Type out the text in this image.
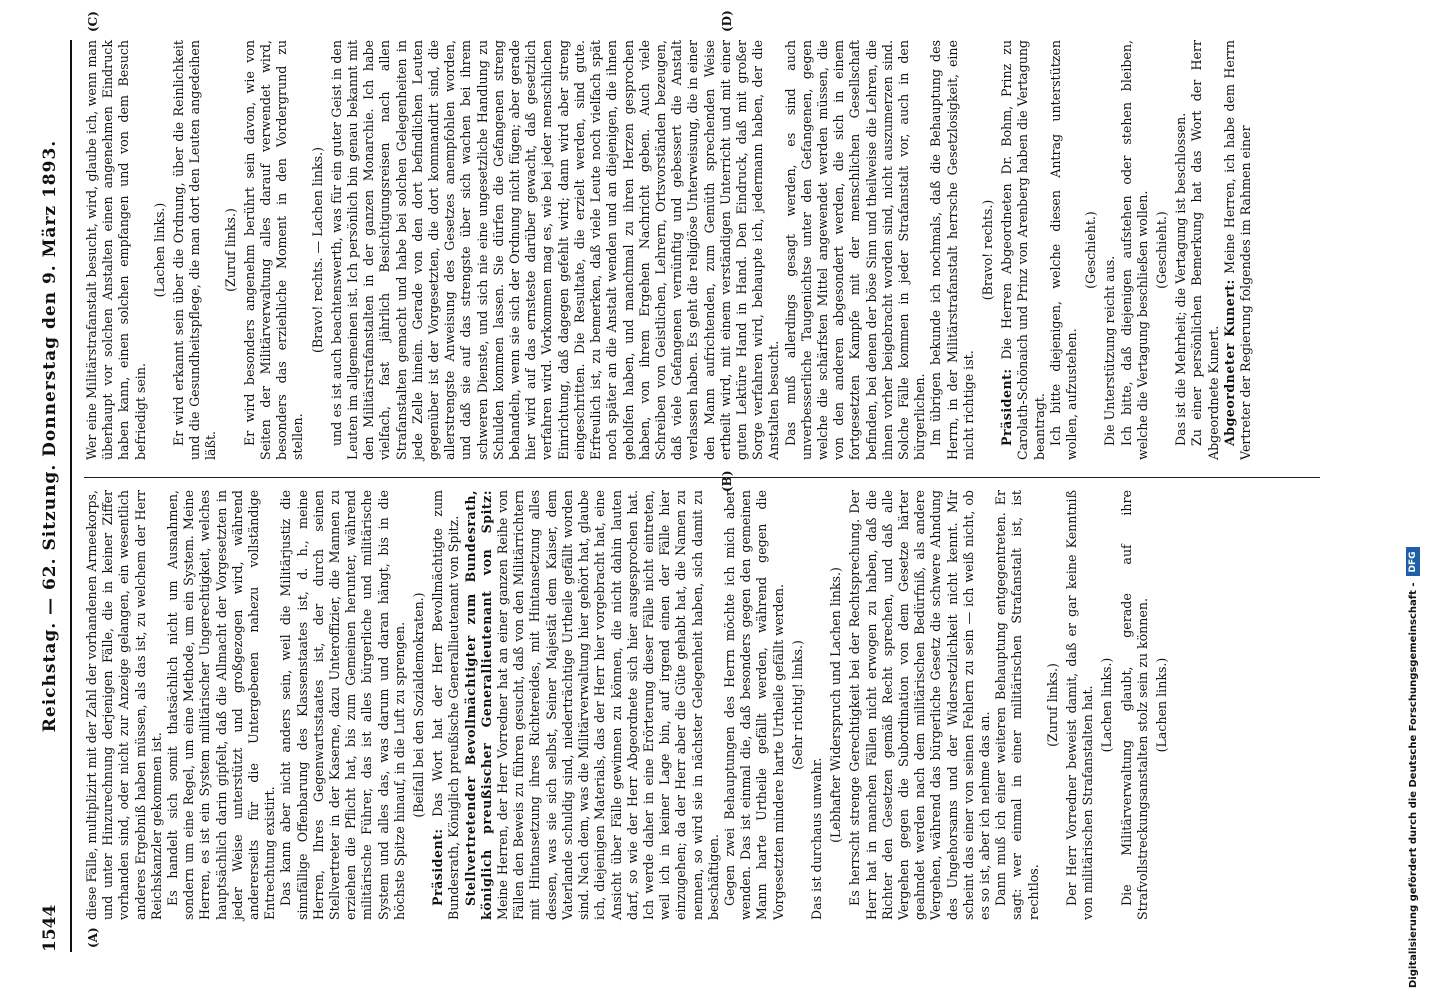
1544
Reichstag. — 62. Sitzung. Donnerstag den 9. März 1893.
(A)
(B)
(C)	(D)

diese Fälle, multiplizirt mit der Zahl der vorhandenen Armeekorps, und unter Hinzurechnung derjenigen Fälle, die in keiner Ziffer vorhanden sind, oder nicht zur Anzeige gelangen, ein wesentlich anderes Ergebniß haben müssen, als das ist, zu welchem der Herr Reichskanzler gekommen ist. Es handelt sich somit thatsächlich nicht um Ausnahmen, sondern um eine Regel, um eine Methode, um ein System. Meine Herren, es ist ein System militärischer Ungerechtigkeit, welches hauptsächlich darin gipfelt, daß die Allmacht der Vorgesetzten in jeder Weise unterstützt und großgezogen wird, während andererseits für die Untergebenen nahezu vollständige Entrechtung existirt. Das kann aber nicht anders sein, weil die Militärjustiz die sinnfällige Offenbarung des Klassenstaates ist, d. h., meine Herren, Ihres Gegenwartsstaates ist, der durch seinen Stellvertreter in der Kaserne, dazu Unteroffizier, die Mannen zu erziehen die Pflicht hat, bis zum Gemeinen herunter, während militärische Führer, das ist alles bürgerliche und militärische System und alles das, was darum und daran hängt, bis in die höchste Spitze hinauf, in die Luft zu sprengen. (Beifall bei den Sozialdemokraten.)

Präsident: Das Wort hat der Herr Bevollmächtigte zum Bundesrath, Königlich preußische Generallieutenant von Spitz. Stellvertretender Bevollmächtigter zum Bundesrath, königlich preußischer Generallieutenant von Spitz: Meine Herren, der Herr Vorredner hat an einer ganzen Reihe von Fällen den Beweis zu führen gesucht, daß von den Militärrichtern mit Hintansetzung ihres Richtereides, mit Hintansetzung alles dessen, was sie sich selbst, Seiner Majestät dem Kaiser, dem Vaterlande schuldig sind, niederträchtige Urtheile gefällt worden sind. Nach dem, was die Militärverwaltung hier gehört hat, glaube ich, diejenigen Materials, das der Herr hier vorgebracht hat, eine Ansicht über Fälle gewinnen zu können, die nicht dahin lauten darf, so wie der Herr Abgeordnete sich hier ausgesprochen hat. Ich werde daher in eine Erörterung dieser Fälle nicht eintreten, weil ich in keiner Lage bin, auf irgend einen der Fälle hier einzugehen; da der Herr aber die Güte gehabt hat, die Namen zu nennen, so wird sie in nächster Gelegenheit haben, sich damit zu beschäftigen. Gegen zwei Behauptungen des Herrn möchte ich mich aber wenden. Das ist einmal die, daß besonders gegen den gemeinen Mann harte Urtheile gefällt werden, während gegen die Vorgesetzten mindere harte Urtheile gefällt werden. (Sehr richtig! links.)

Das ist durchaus unwahr. (Lebhafter Widerspruch und Lachen links.) Es herrscht strenge Gerechtigkeit bei der Rechtsprechung. Der Herr hat in manchen Fällen nicht erwogen zu haben, daß die Richter den Gesetzen gemäß Recht sprechen, und daß alle Vergehen gegen die Subordination von dem Gesetze härter geahndet werden nach dem militärischen Bedürfniß, als andere Vergehen, während das bürgerliche Gesetz die schwere Ahndung des Ungehorsams und der Widersetzlichkeit nicht kennt. Mir scheint das einer von seinen Fehlern zu sein — ich weiß nicht, ob es so ist, aber ich nehme das an. Dann muß ich einer weiteren Behauptung entgegentreten. Er sagt: wer einmal in einer militärischen Strafanstalt ist, ist rechtlos.

(Zuruf links.) Der Herr Vorredner beweist damit, daß er gar keine Kenntniß von militärischen Strafanstalten hat. (Lachen links.) Die Militärverwaltung glaubt, gerade auf ihre Strafvollstreckungsanstalten stolz sein zu können. (Lachen links.)

Wer eine Militärstrafanstalt besucht, wird, glaube ich, wenn man überhaupt vor solchen Anstalten einen angenehmen Eindruck haben kann, einen solchen empfangen und von dem Besuch befriedigt sein.

(Lachen links.) Er wird erkannt sein über die Ordnung, über die Reinlichkeit und die Gesundheitspflege, die man dort den Leuten angedeihen läßt.

(Zuruf links.) Er wird besonders angenehm berührt sein davon, wie von Seiten der Militärverwaltung alles darauf verwendet wird, besonders das erziehliche Moment in den Vordergrund zu stellen.

(Bravo! rechts. — Lachen links.) und es ist auch beachtenswerth, was für ein guter Geist in den Leuten im allgemeinen ist. Ich persönlich bin genau bekannt mit den Militärstrafanstalten in der ganzen Monarchie. Ich habe vielfach, fast jährlich Besichtigungsreisen nach allen Strafanstalten gemacht und habe bei solchen Gelegenheiten in jede Zelle hinein. Gerade von den dort befindlichen Leuten gegenüber ist der Vorgesetzten, die dort kommandirt sind, die allerstrengste Anweisung des Gesetzes anempfohlen worden, und daß sie auf das strengste über sich wachen bei ihrem schweren Dienste, und sich nie eine ungesetzliche Handlung zu Schulden kommen lassen. Sie dürfen die Gefangenen streng behandeln, wenn sie sich der Ordnung nicht fügen; aber gerade hier wird auf das ernsteste darüber gewacht, daß gesetzlich verfahren wird. Vorkommen mag es, wie bei jeder menschlichen Einrichtung, daß dagegen gefehlt wird; dann wird aber streng eingeschritten. Die Resultate, die erzielt werden, sind gute. Erfreulich ist, zu bemerken, daß viele Leute noch vielfach spät noch später an die Anstalt wenden und an diejenigen, die ihnen geholfen haben, und manchmal zu ihren Herzen gesprochen haben, von ihrem Ergehen Nachricht geben. Auch viele Schreiben von Geistlichen, Lehrern, Ortsvorständen bezeugen, daß viele Gefangenen vernünftig und gebessert die Anstalt verlassen haben. Es geht die religiöse Unterweisung, die in einer den Mann aufrichtenden, zum Gemüth sprechenden Weise ertheilt wird, mit einem verständigen Unterricht und mit einer guten Lektüre Hand in Hand. Den Eindruck, daß mit großer Sorge verfahren wird, behaupte ich, jedermann haben, der die Anstalten besucht. Das muß allerdings gesagt werden, es sind auch unverbesserliche Taugenichtse unter den Gefangenen, gegen welche die schärfsten Mittel angewendet werden müssen, die von den anderen abgesondert werden, die sich in einem fortgesetzten Kampfe mit der menschlichen Gesellschaft befinden, bei denen der böse Sinn und theilweise die Lehren, die ihnen vorher beigebracht worden sind, nicht auszumerzen sind. Solche Fälle kommen in jeder Strafanstalt vor, auch in den bürgerlichen. Im übrigen bekunde ich nochmals, daß die Behauptung des Herrn, in der Militärstrafanstalt herrsche Gesetzlosigkeit, eine nicht richtige ist.

(Bravo! rechts.)

Präsident: Die Herren Abgeordneten Dr. Bohm, Prinz zu Carolath-Schönaich und Prinz von Arenberg haben die Vertagung beantragt. Ich bitte diejenigen, welche diesen Antrag unterstützen wollen, aufzustehen.

(Geschieht.)

Die Unterstützung reicht aus. Ich bitte, daß diejenigen aufstehen oder stehen bleiben, welche die Vertagung beschließen wollen. (Geschieht.) Das ist die Mehrheit; die Vertagung ist beschlossen. Zu einer persönlichen Bemerkung hat das Wort der Herr Abgeordnete Kunert. Abgeordneter Kunert: Meine Herren, ich habe dem Herrn Vertreter der Regierung folgendes im Rahmen einer

Digitalisierung gefördert durch die Deutsche Forschungsgemeinschaft -
DFG
